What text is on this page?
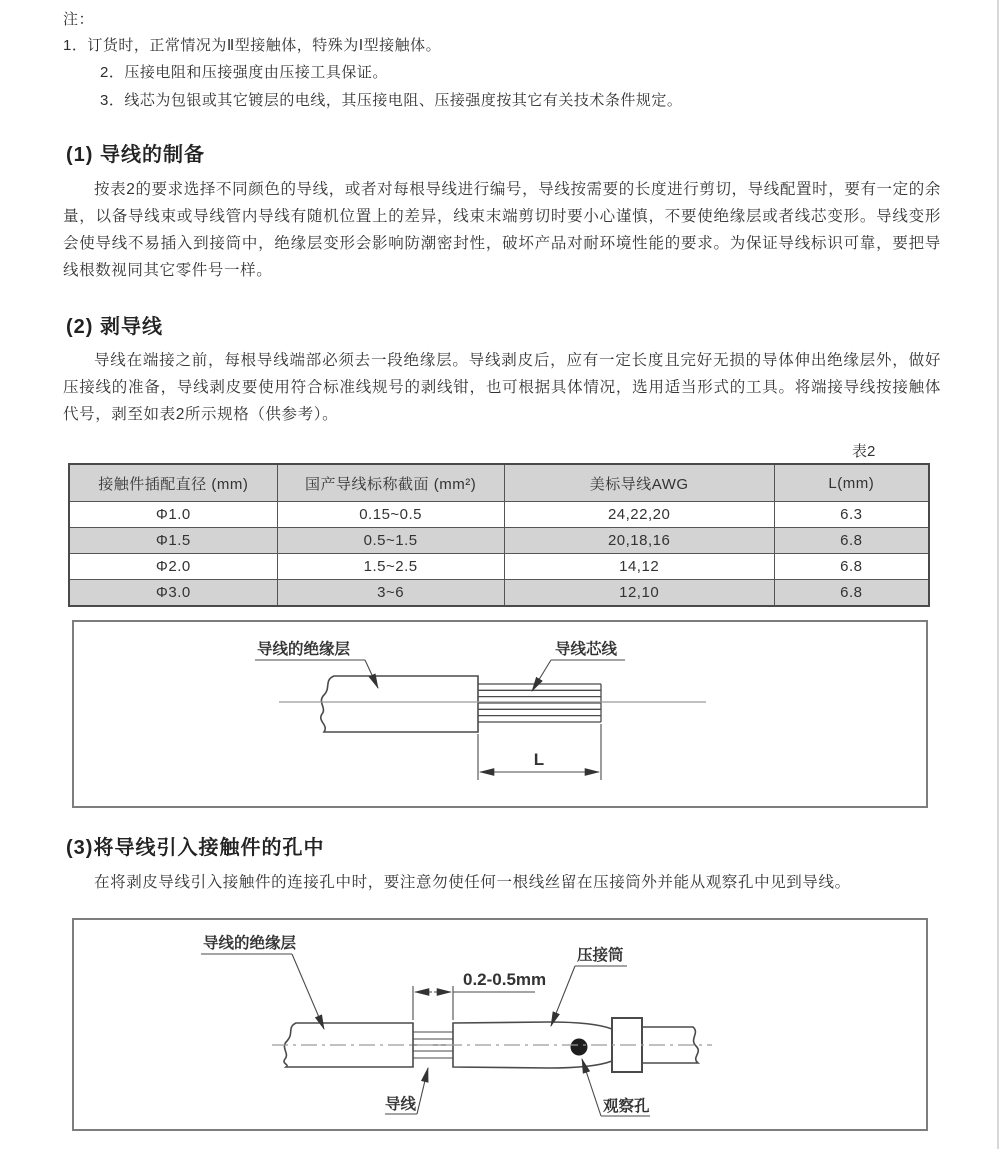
注：
1．订货时，正常情况为Ⅱ型接触体，特殊为Ⅰ型接触体。
2．压接电阻和压接强度由压接工具保证。
3．线芯为包银或其它镀层的电线，其压接电阻、压接强度按其它有关技术条件规定。
(1) 导线的制备
按表2的要求选择不同颜色的导线，或者对每根导线进行编号，导线按需要的长度进行剪切，导线配置时，要有一定的余量，以备导线束或导线管内导线有随机位置上的差异，线束末端剪切时要小心谨慎，不要使绝缘层或者线芯变形。导线变形会使导线不易插入到接筒中，绝缘层变形会影响防潮密封性，破坏产品对耐环境性能的要求。为保证导线标识可靠，要把导线根数视同其它零件号一样。
(2) 剥导线
导线在端接之前，每根导线端部必须去一段绝缘层。导线剥皮后，应有一定长度且完好无损的导体伸出绝缘层外，做好压接线的准备，导线剥皮要使用符合标准线规号的剥线钳，也可根据具体情况，选用适当形式的工具。将端接导线按接触体代号，剥至如表2所示规格（供参考）。
表2
接触件插配直径 (mm)	国产导线标称截面 (mm²)	美标导线AWG	L(mm)
Φ1.0	0.15~0.5	24,22,20	6.3
Φ1.5	0.5~1.5	20,18,16	6.8
Φ2.0	1.5~2.5	14,12	6.8
Φ3.0	3~6	12,10	6.8
L
导线的绝缘层	导线芯线
(3)将导线引入接触件的孔中
在将剥皮导线引入接触件的连接孔中时，要注意勿使任何一根线丝留在压接筒外并能从观察孔中见到导线。
0.2-0.5mm
导线的绝缘层
压接筒
导线	观察孔
